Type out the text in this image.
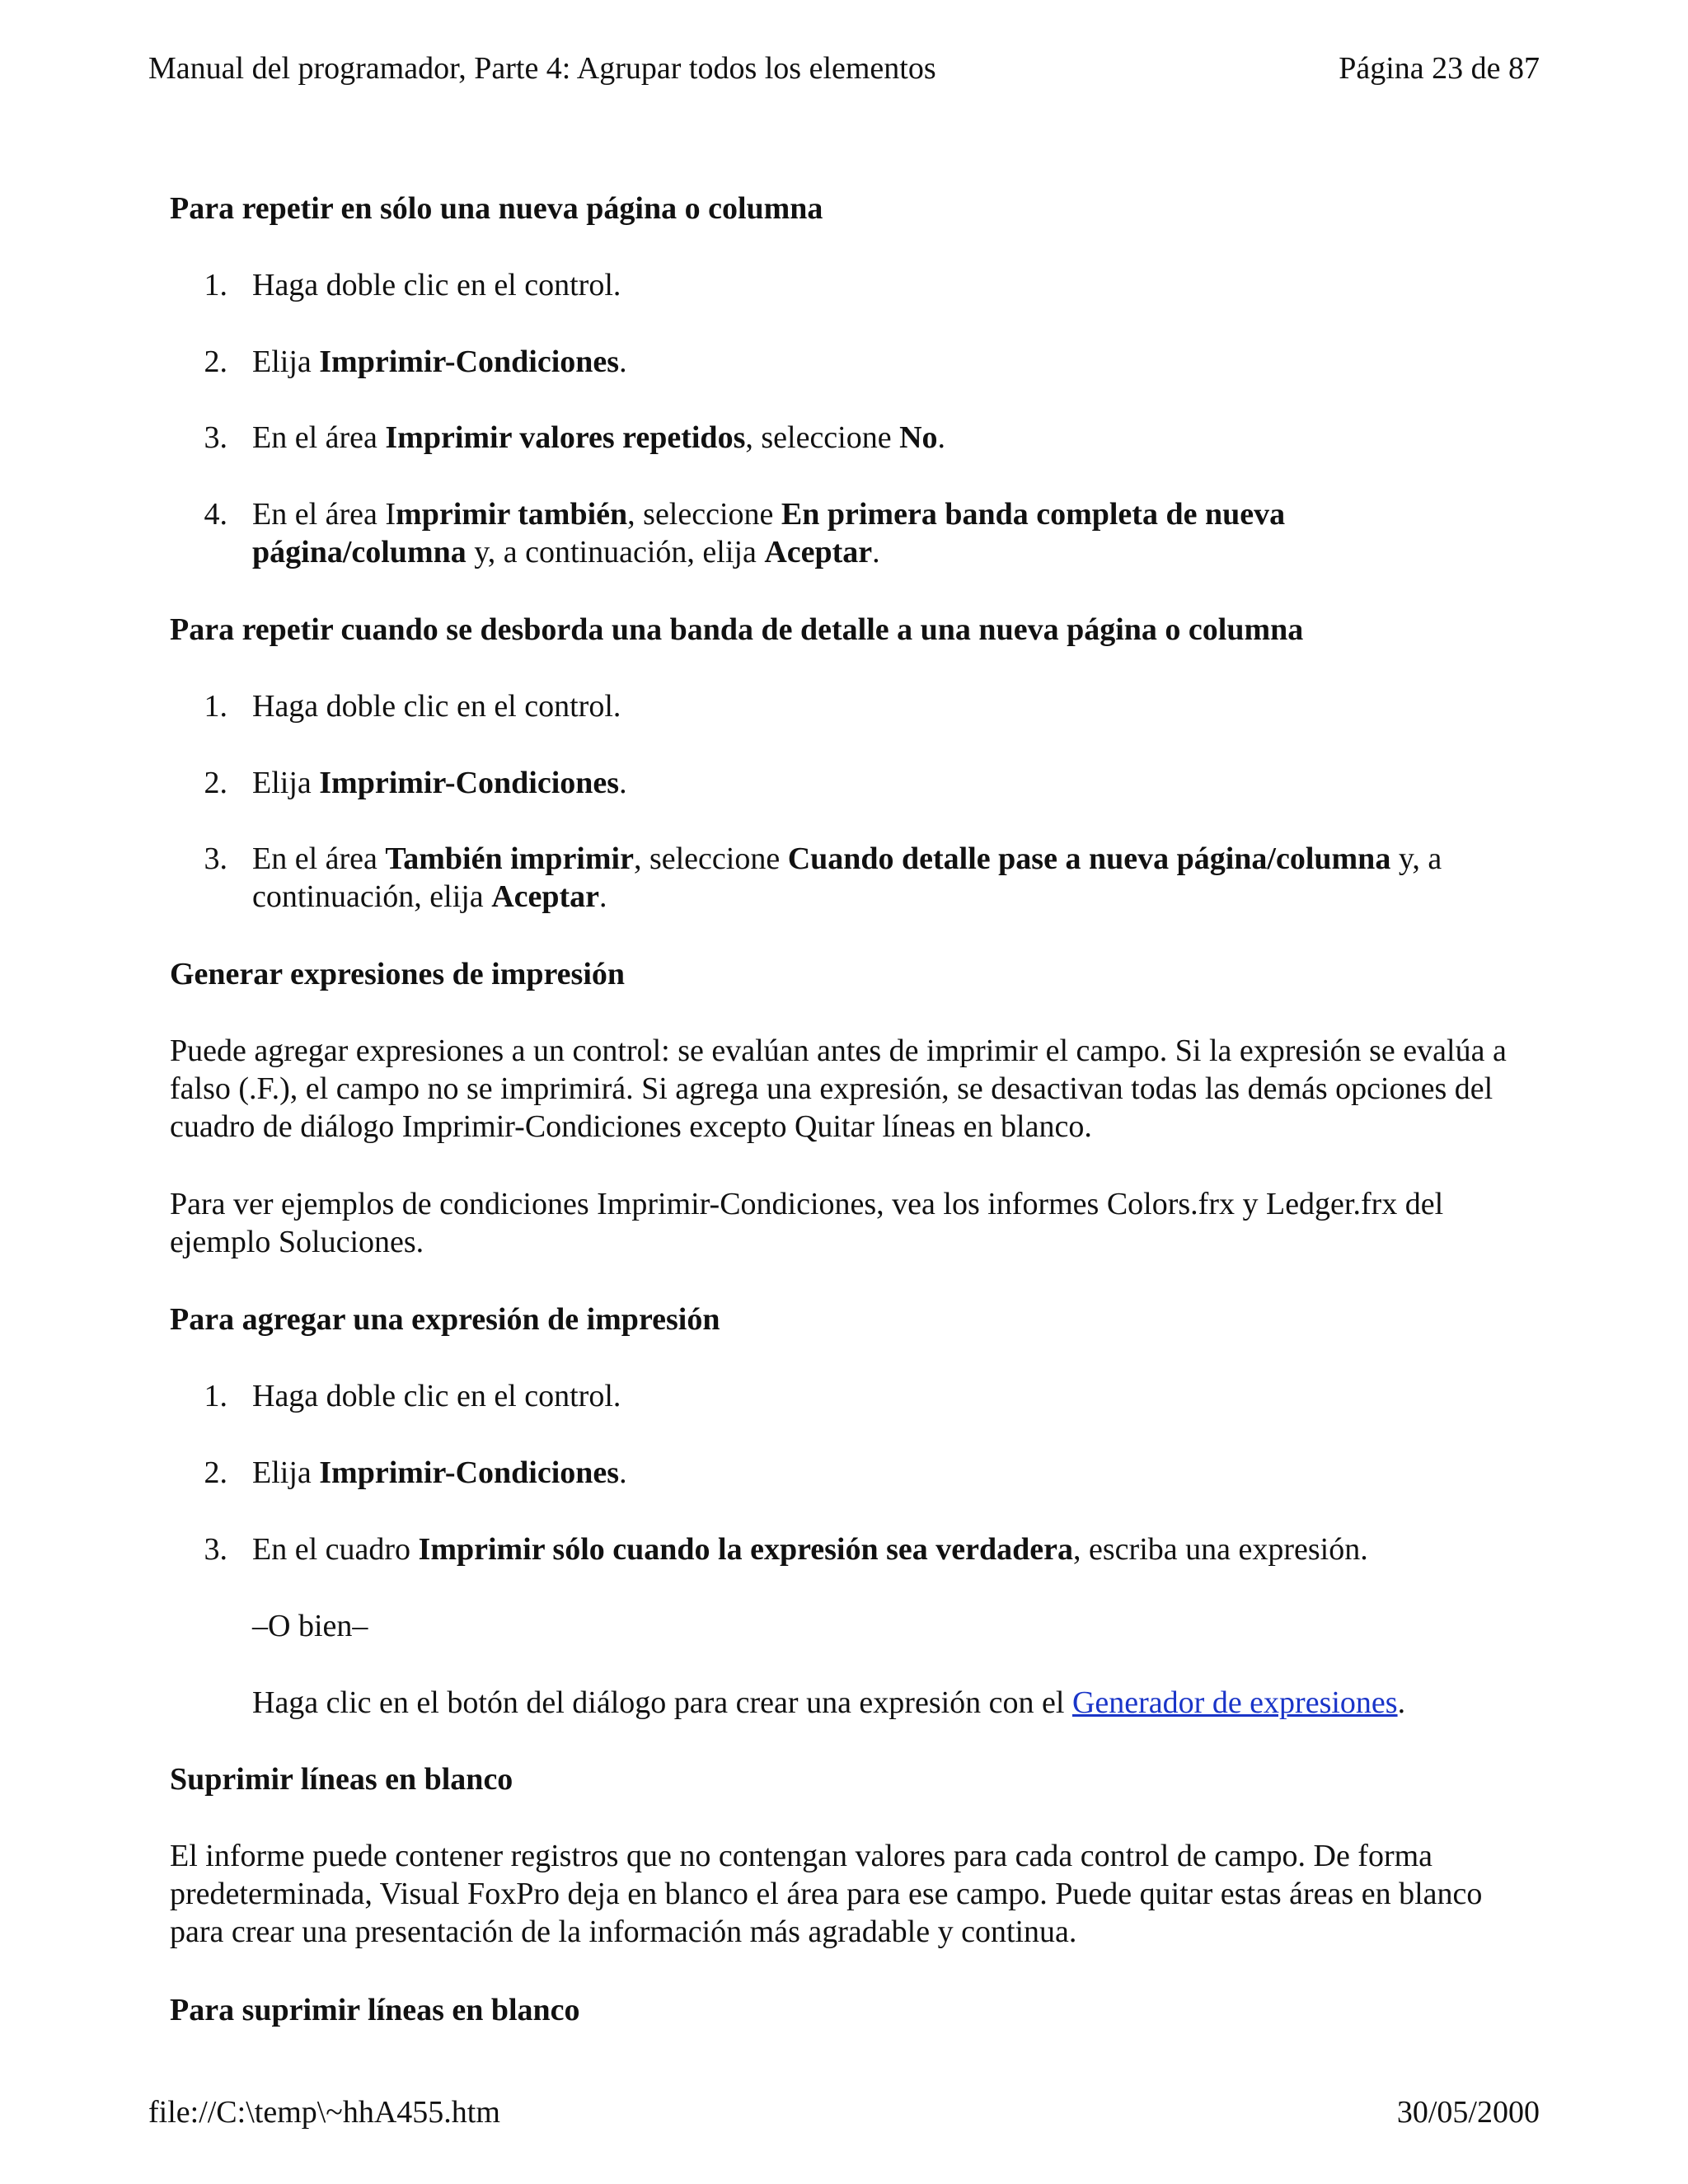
Manual del programador, Parte 4: Agrupar todos los elementos	Página 23 de 87
Para repetir en sólo una nueva página o columna
1. Haga doble clic en el control.
2. Elija Imprimir-Condiciones.
3. En el área Imprimir valores repetidos, seleccione No.
4. En el área Imprimir también, seleccione En primera banda completa de nueva página/columna y, a continuación, elija Aceptar.
Para repetir cuando se desborda una banda de detalle a una nueva página o columna
1. Haga doble clic en el control.
2. Elija Imprimir-Condiciones.
3. En el área También imprimir, seleccione Cuando detalle pase a nueva página/columna y, a continuación, elija Aceptar.
Generar expresiones de impresión
Puede agregar expresiones a un control: se evalúan antes de imprimir el campo. Si la expresión se evalúa a falso (.F.), el campo no se imprimirá. Si agrega una expresión, se desactivan todas las demás opciones del cuadro de diálogo Imprimir-Condiciones excepto Quitar líneas en blanco.
Para ver ejemplos de condiciones Imprimir-Condiciones, vea los informes Colors.frx y Ledger.frx del ejemplo Soluciones.
Para agregar una expresión de impresión
1. Haga doble clic en el control.
2. Elija Imprimir-Condiciones.
3. En el cuadro Imprimir sólo cuando la expresión sea verdadera, escriba una expresión.
–O bien–
Haga clic en el botón del diálogo para crear una expresión con el Generador de expresiones.
Suprimir líneas en blanco
El informe puede contener registros que no contengan valores para cada control de campo. De forma predeterminada, Visual FoxPro deja en blanco el área para ese campo. Puede quitar estas áreas en blanco para crear una presentación de la información más agradable y continua.
Para suprimir líneas en blanco
file://C:\temp\~hhA455.htm	30/05/2000
